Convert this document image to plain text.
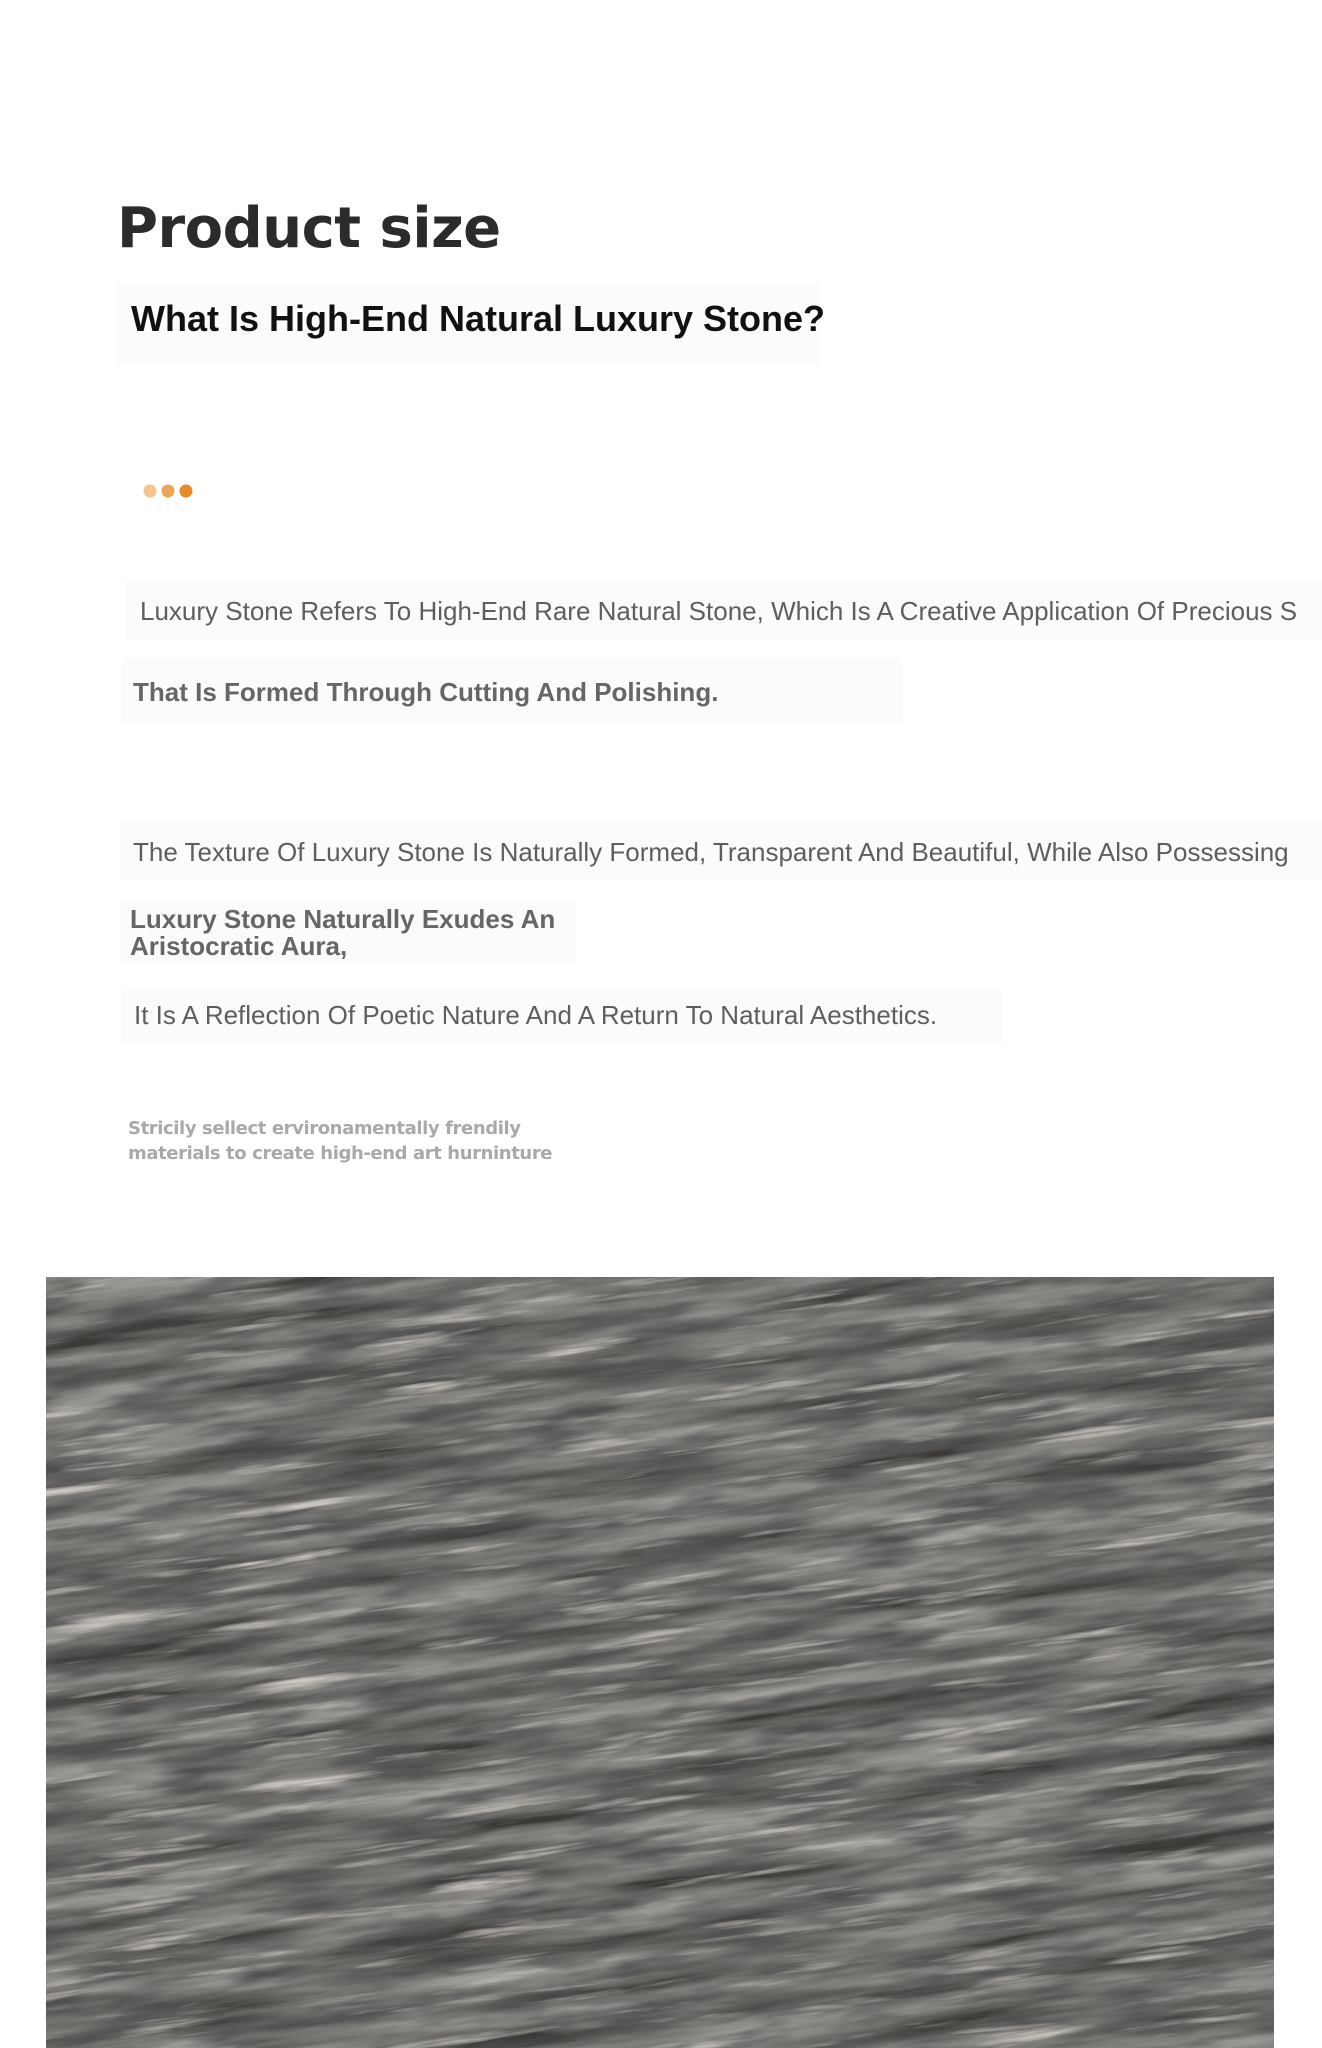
Product size
What Is High-End Natural Luxury Stone?
Luxury Stone Refers To High-End Rare Natural Stone, Which Is A Creative Application Of Precious S
That Is Formed Through Cutting And Polishing.
The Texture Of Luxury Stone Is Naturally Formed, Transparent And Beautiful, While Also Possessing
Luxury Stone Naturally Exudes An Aristocratic Aura,
It Is A Reflection Of Poetic Nature And A Return To Natural Aesthetics.
Stricily sellect ervironamentally frendily materials to create high-end art hurninture
